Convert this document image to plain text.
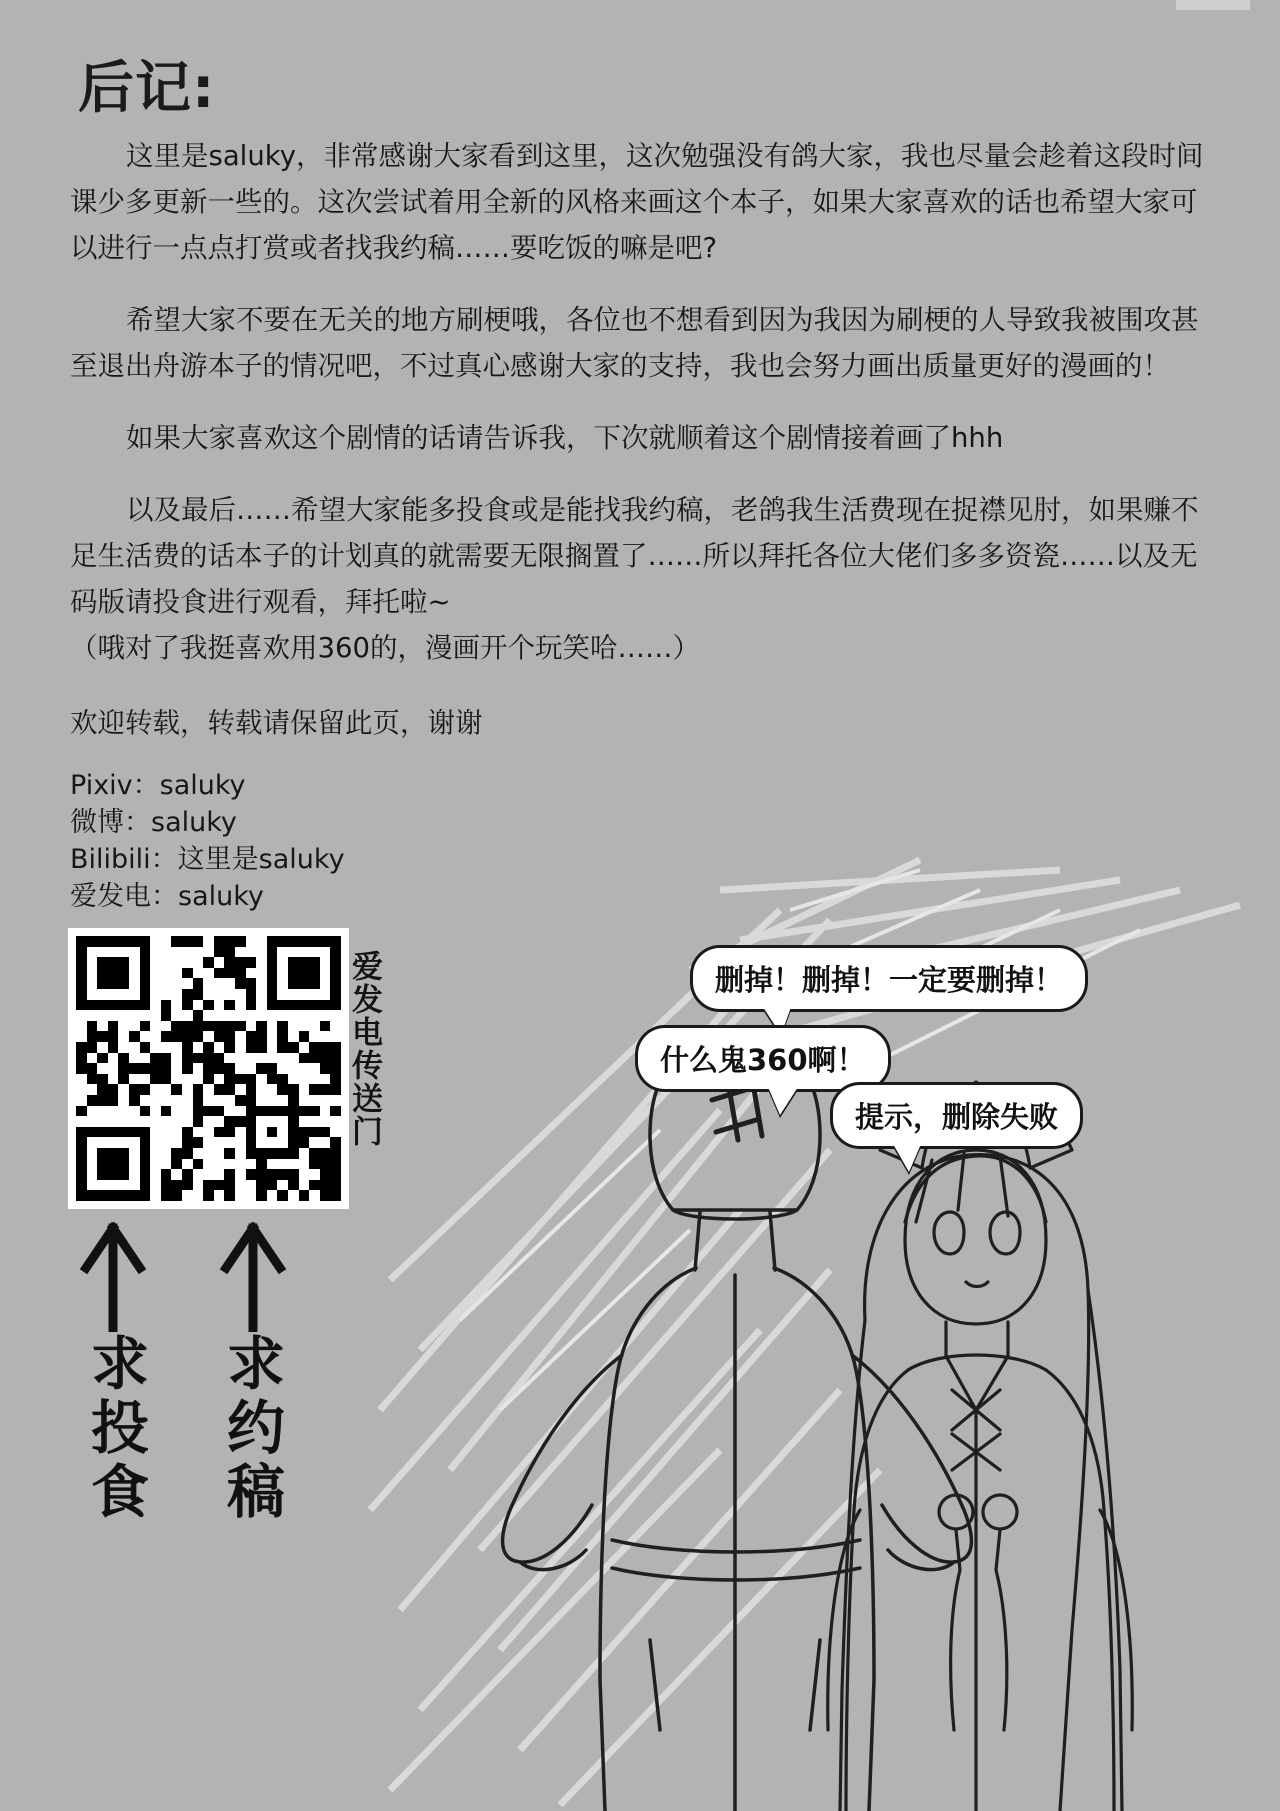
后记:

这里是saluky，非常感谢大家看到这里，这次勉强没有鸽大家，我也尽量会趁着这段时间课少多更新一些的。这次尝试着用全新的风格来画这个本子，如果大家喜欢的话也希望大家可以进行一点点打赏或者找我约稿……要吃饭的嘛是吧?

希望大家不要在无关的地方刷梗哦，各位也不想看到因为我因为刷梗的人导致我被围攻甚至退出舟游本子的情况吧，不过真心感谢大家的支持，我也会努力画出质量更好的漫画的！

如果大家喜欢这个剧情的话请告诉我，下次就顺着这个剧情接着画了hhh

以及最后……希望大家能多投食或是能找我约稿，老鸽我生活费现在捉襟见肘，如果赚不足生活费的话本子的计划真的就需要无限搁置了……所以拜托各位大佬们多多资瓷……以及无码版请投食进行观看，拜托啦~

（哦对了我挺喜欢用360的，漫画开个玩笑哈……）

欢迎转载，转载请保留此页，谢谢
Pixiv：saluky
微博：saluky
Bilibili：这里是saluky
爱发电：saluky
爱发电传送门
求投食 求约稿
删掉！删掉！一定要删掉！
什么鬼360啊！
提示，删除失败
